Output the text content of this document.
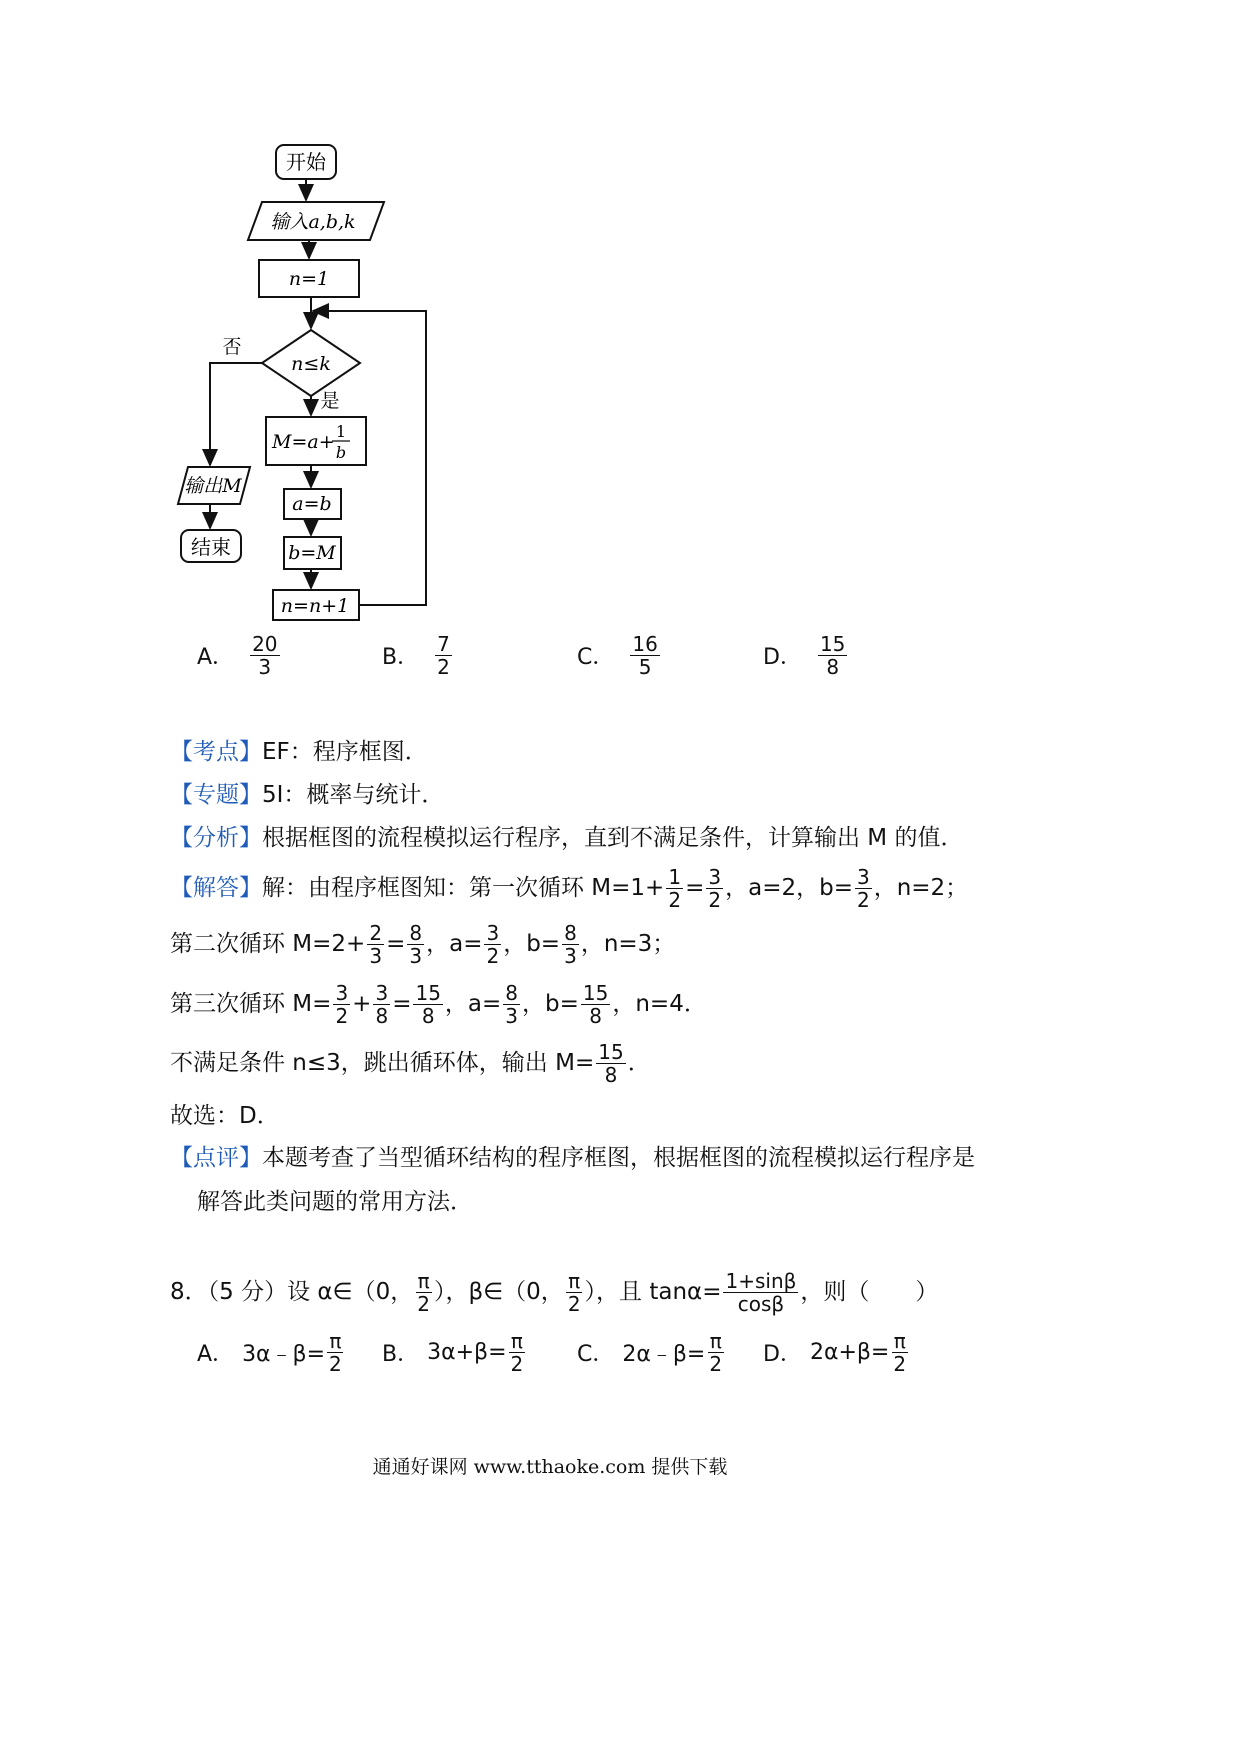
开始
输入a,b,k
n=1
n≤k
否
是
M=a+ 1
b
a=b
b=M
n=n+1
输出M
结束
A． $\frac{20}{3}$	B． $\frac{7}{2}$	C． $\frac{16}{5}$	D． $\frac{15}{8}$
【考点】EF：程序框图．
【专题】5I：概率与统计．
【分析】根据框图的流程模拟运行程序，直到不满足条件，计算输出 M 的值．
【解答】解：由程序框图知：第一次循环 $M=1+ \frac{1}{2} = \frac{3}{2}$ ，a=2，$b= \frac{3}{2}$ ，n=2；
第二次循环 $M=2+ \frac{2}{3} = \frac{8}{3}$ ，$a= \frac{3}{2}$ ，$b= \frac{8}{3}$ ，n=3；
第三次循环 $M= \frac{3}{2} + \frac{3}{8} = \frac{15}{8}$ ，$a= \frac{8}{3}$ ，$b= \frac{15}{8}$ ，n=4．
不满足条件 n≤3，跳出循环体，输出 $M= \frac{15}{8}$ ．
故选：D．
【点评】本题考查了当型循环结构的程序框图，根据框图的流程模拟运行程序是
解答此类问题的常用方法．
8．（5 分）设 α∈（0， $\frac{\pi}{2}$ ），β∈（0， $\frac{\pi}{2}$ ），且 $\tan\alpha= \frac{1+\sin\beta}{\cos\beta}$ ，则（　　）
A． 3α﹣β= $\frac{\pi}{2}$ B． $3\alpha+\beta= \frac{\pi}{2}$ C． 2α﹣β= $\frac{\pi}{2}$ D． $2\alpha+\beta= \frac{\pi}{2}$
通通好课网 www.tthaoke.com 提供下载
